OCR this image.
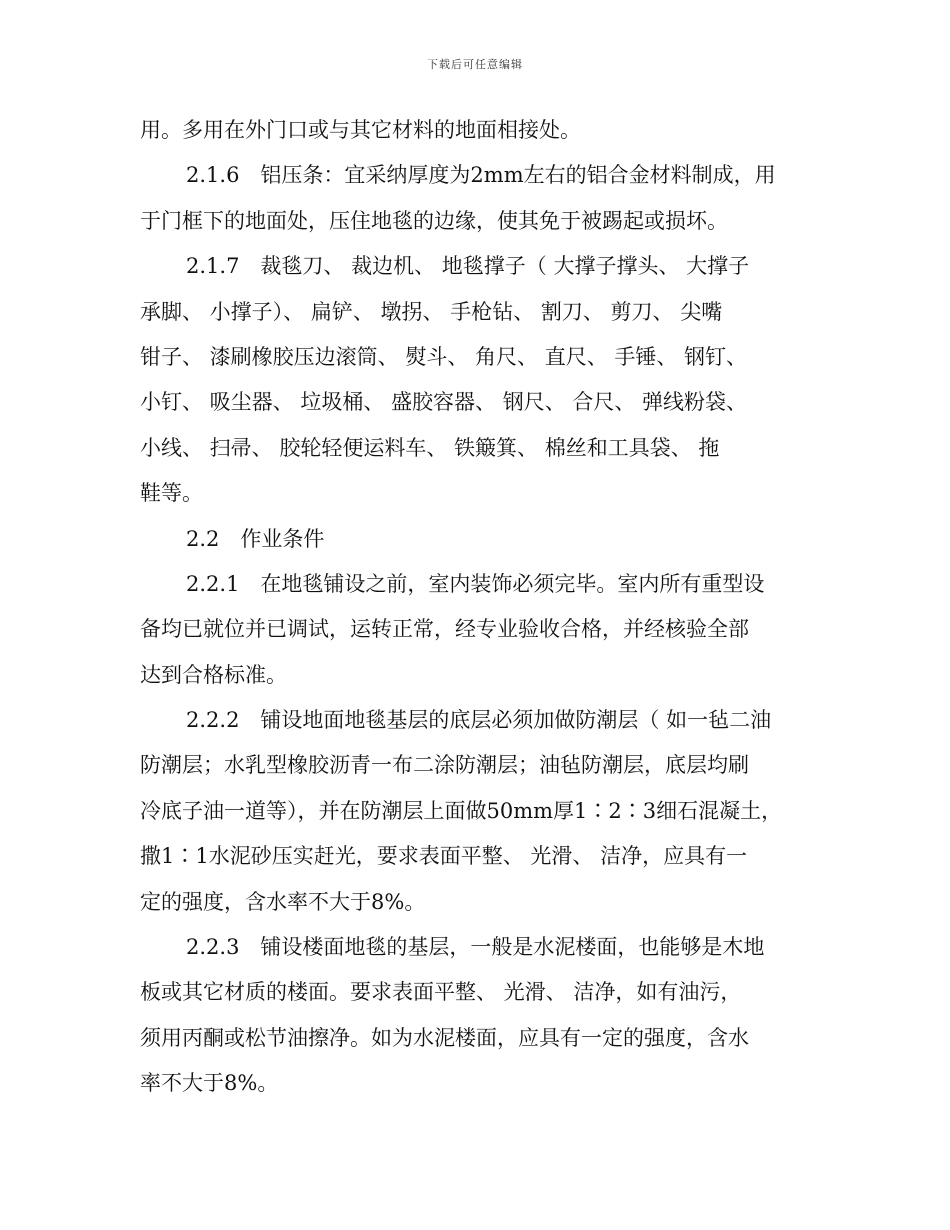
下载后可任意编辑
用。多用在外门口或与其它材料的地面相接处。
2.1.6　铝压条：宜采纳厚度为2mm左右的铝合金材料制成，用
于门框下的地面处，压住地毯的边缘，使其免于被踢起或损坏。
2.1.7　裁毯刀、 裁边机、 地毯撑子（ 大撑子撑头、 大撑子
承脚、 小撑子）、 扁铲、 墩拐、 手枪钻、 割刀、 剪刀、 尖嘴
钳子、 漆刷橡胶压边滚筒、 熨斗、 角尺、 直尺、 手锤、 钢钉、
小钉、 吸尘器、 垃圾桶、 盛胶容器、 钢尺、 合尺、 弹线粉袋、
小线、 扫帚、 胶轮轻便运料车、 铁簸箕、 棉丝和工具袋、 拖
鞋等。
2.2　作业条件
2.2.1　在地毯铺设之前，室内装饰必须完毕。室内所有重型设
备均已就位并已调试，运转正常，经专业验收合格，并经核验全部
达到合格标准。
2.2.2　铺设地面地毯基层的底层必须加做防潮层（ 如一毡二油
防潮层；水乳型橡胶沥青一布二涂防潮层；油毡防潮层，底层均刷
冷底子油一道等），并在防潮层上面做50mm厚1∶2∶3细石混凝土，
撒1∶1水泥砂压实赶光，要求表面平整、 光滑、 洁净，应具有一
定的强度，含水率不大于8%。
2.2.3　铺设楼面地毯的基层，一般是水泥楼面，也能够是木地
板或其它材质的楼面。要求表面平整、 光滑、 洁净，如有油污，
须用丙酮或松节油擦净。如为水泥楼面，应具有一定的强度，含水
率不大于8%。
